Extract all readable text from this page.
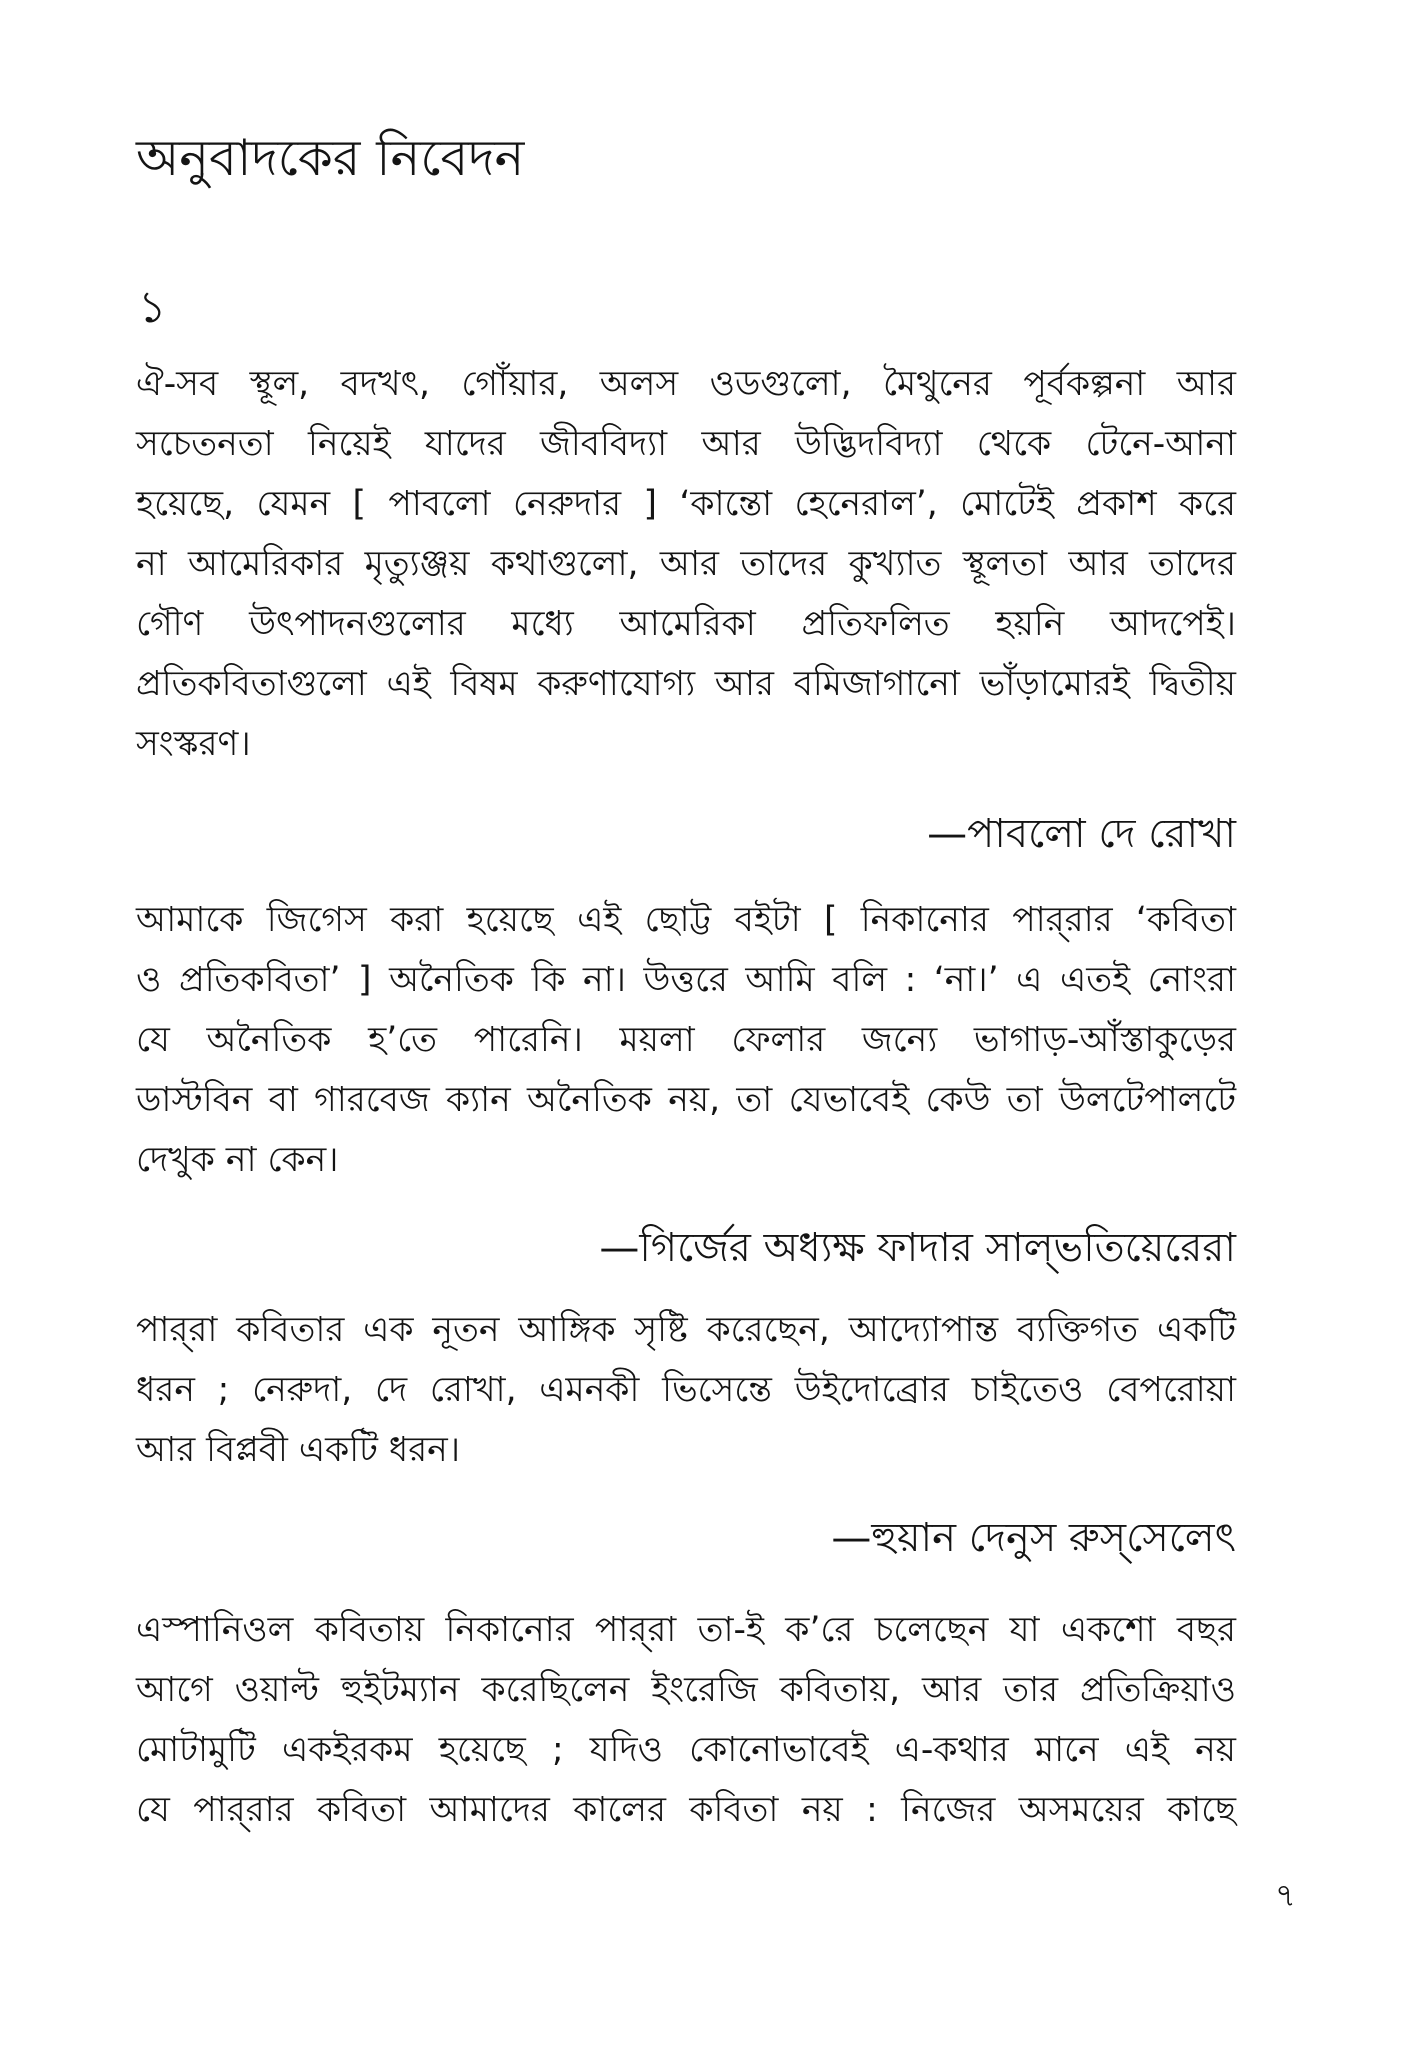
অনুবাদকের নিবেদন
১
ঐ-সব স্থূল, বদখৎ, গোঁয়ার, অলস ওডগুলো, মৈথুনের পূর্বকল্পনা আর
সচেতনতা নিয়েই যাদের জীববিদ্যা আর উদ্ভিদবিদ্যা থেকে টেনে-আনা
হয়েছে, যেমন [ পাবলো নেরুদার ] ‘কান্তো হেনেরাল’, মোটেই প্রকাশ করে
না আমেরিকার মৃত্যুঞ্জয় কথাগুলো, আর তাদের কুখ্যাত স্থূলতা আর তাদের
গৌণ উৎপাদনগুলোর মধ্যে আমেরিকা প্রতিফলিত হয়নি আদপেই।
প্রতিকবিতাগুলো এই বিষম করুণাযোগ্য আর বমিজাগানো ভাঁড়ামোরই দ্বিতীয়
সংস্করণ।
—পাবলো দে রোখা
আমাকে জিগেস করা হয়েছে এই ছোট্ট বইটা [ নিকানোর পার্‌রার ‘কবিতা
ও প্রতিকবিতা’ ] অনৈতিক কি না। উত্তরে আমি বলি : ‘না।’ এ এতই নোংরা
যে অনৈতিক হ’তে পারেনি। ময়লা ফেলার জন্যে ভাগাড়-আঁস্তাকুড়ের
ডাস্টবিন বা গারবেজ ক্যান অনৈতিক নয়, তা যেভাবেই কেউ তা উলটেপালটে
দেখুক না কেন।
—গির্জের অধ্যক্ষ ফাদার সাল্‌ভতিয়েরেরা
পার্‌রা কবিতার এক নূতন আঙ্গিক সৃষ্টি করেছেন, আদ্যোপান্ত ব্যক্তিগত একটি
ধরন ; নেরুদা, দে রোখা, এমনকী ভিসেন্তে উইদোব্রোর চাইতেও বেপরোয়া
আর বিপ্লবী একটি ধরন।
—হুয়ান দেনুস রুস্‌সেলেৎ
এস্পানিওল কবিতায় নিকানোর পার্‌রা তা-ই ক’রে চলেছেন যা একশো বছর
আগে ওয়াল্ট হুইটম্যান করেছিলেন ইংরেজি কবিতায়, আর তার প্রতিক্রিয়াও
মোটামুটি একইরকম হয়েছে ; যদিও কোনোভাবেই এ-কথার মানে এই নয়
যে পার্‌রার কবিতা আমাদের কালের কবিতা নয় : নিজের অসময়ের কাছে
৭
